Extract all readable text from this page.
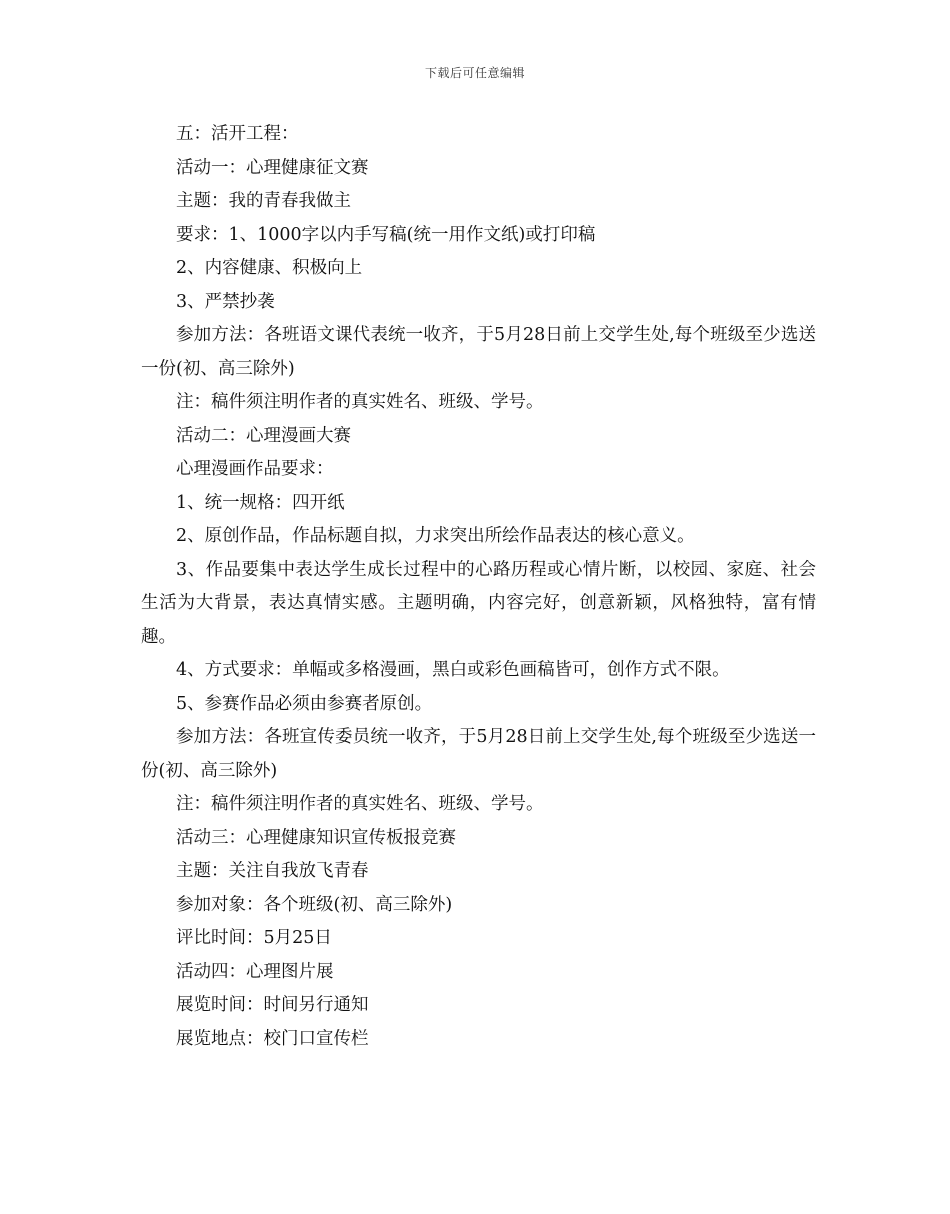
下载后可任意编辑

五：活开工程：

活动一：心理健康征文赛

主题：我的青春我做主

要求：1、1000字以内手写稿(统一用作文纸)或打印稿

2、内容健康、积极向上

3、严禁抄袭

参加方法：各班语文课代表统一收齐，于5月28日前上交学生处,每个班级至少选送一份(初、高三除外)

注：稿件须注明作者的真实姓名、班级、学号。

活动二：心理漫画大赛

心理漫画作品要求：

1、统一规格：四开纸

2、原创作品，作品标题自拟，力求突出所绘作品表达的核心意义。

3、作品要集中表达学生成长过程中的心路历程或心情片断，以校园、家庭、社会生活为大背景，表达真情实感。主题明确，内容完好，创意新颖，风格独特，富有情趣。

4、方式要求：单幅或多格漫画，黑白或彩色画稿皆可，创作方式不限。

5、参赛作品必须由参赛者原创。

参加方法：各班宣传委员统一收齐，于5月28日前上交学生处,每个班级至少选送一份(初、高三除外)

注：稿件须注明作者的真实姓名、班级、学号。

活动三：心理健康知识宣传板报竞赛

主题：关注自我放飞青春

参加对象：各个班级(初、高三除外)

评比时间：5月25日

活动四：心理图片展

展览时间：时间另行通知

展览地点：校门口宣传栏
